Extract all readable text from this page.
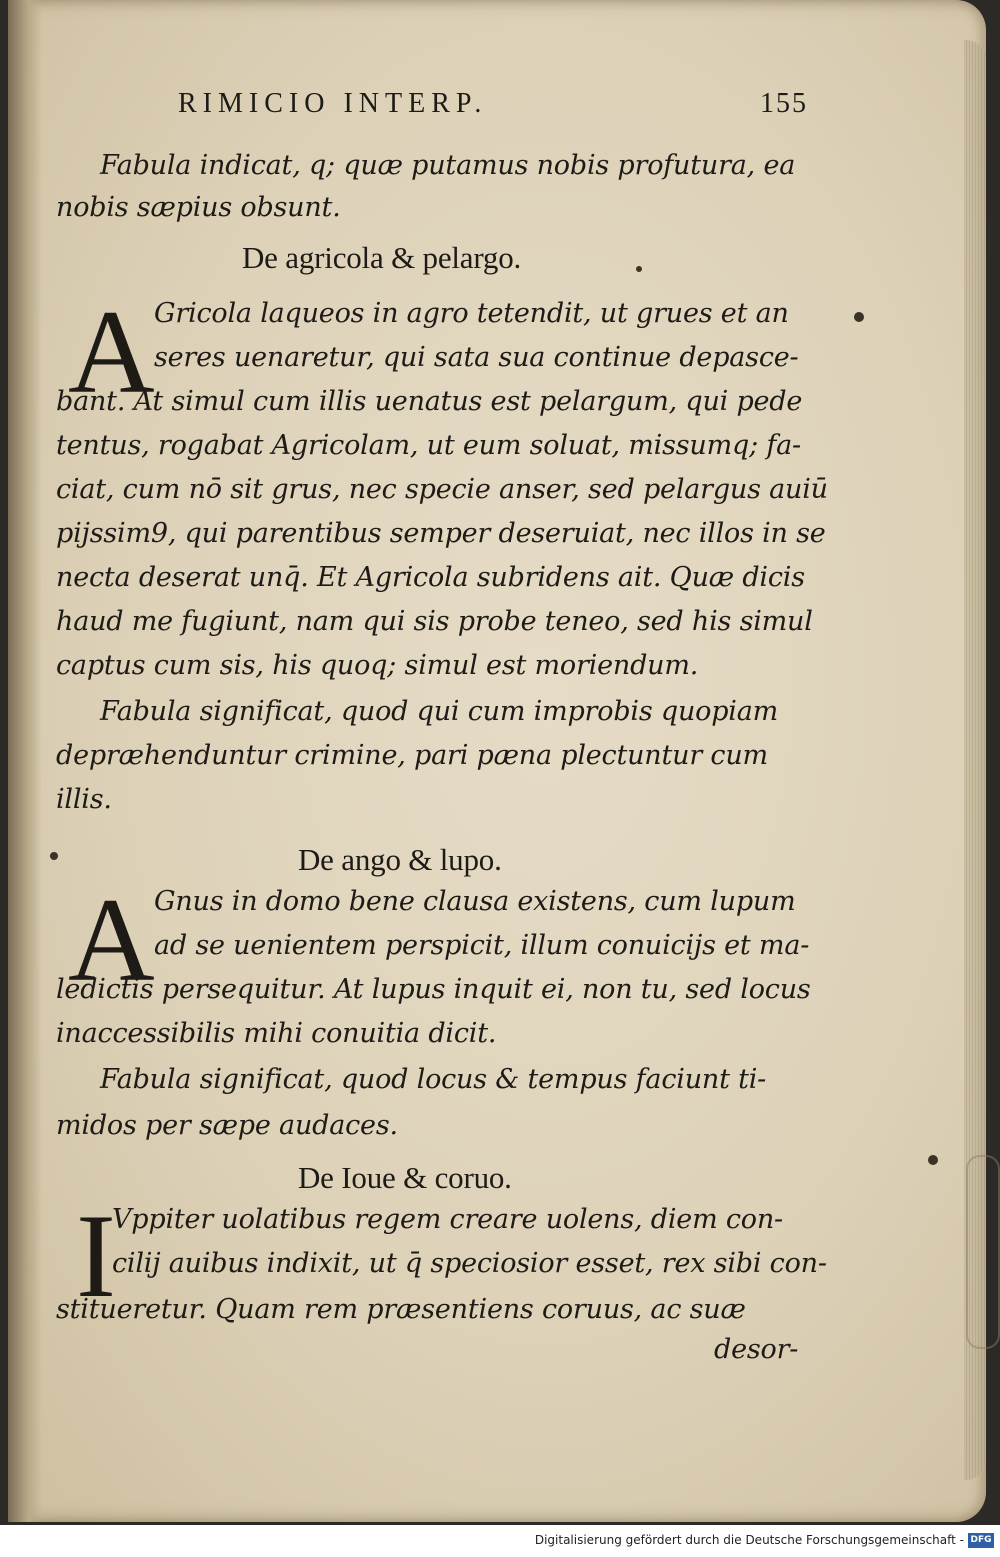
RIMICIO INTERP.	155
Fabula indicat, q; quæ putamus nobis profutura, ea
nobis sæpius obsunt.
De agricola & pelargo.
A Gricola laqueos in agro tetendit, ut grues et an
seres uenaretur, qui sata sua continue depasce-
bant. At simul cum illis uenatus est pelargum, qui pede
tentus, rogabat Agricolam, ut eum soluat, missumq; fa-
ciat, cum nō sit grus, nec specie anser, sed pelargus auiū
pijssim9, qui parentibus semper deseruiat, nec illos in se
necta deserat unq̄. Et Agricola subridens ait. Quæ dicis
haud me fugiunt, nam qui sis probe teneo, sed his simul
captus cum sis, his quoq; simul est moriendum.
Fabula significat, quod qui cum improbis quopiam
depræhenduntur crimine, pari pæna plectuntur cum
illis.
De ango & lupo.
A Gnus in domo bene clausa existens, cum lupum
ad se uenientem perspicit, illum conuicijs et ma-
ledictis persequitur. At lupus inquit ei, non tu, sed locus
inaccessibilis mihi conuitia dicit.
Fabula significat, quod locus & tempus faciunt ti-
midos per sæpe audaces.
De Ioue & coruo.
I
Vppiter uolatibus regem creare uolens, diem con-
cilij auibus indixit, ut q̄ speciosior esset, rex sibi con-
stitueretur. Quam rem præsentiens coruus, ac suæ
desor-
Digitalisierung gefördert durch die Deutsche Forschungsgemeinschaft - DFG
